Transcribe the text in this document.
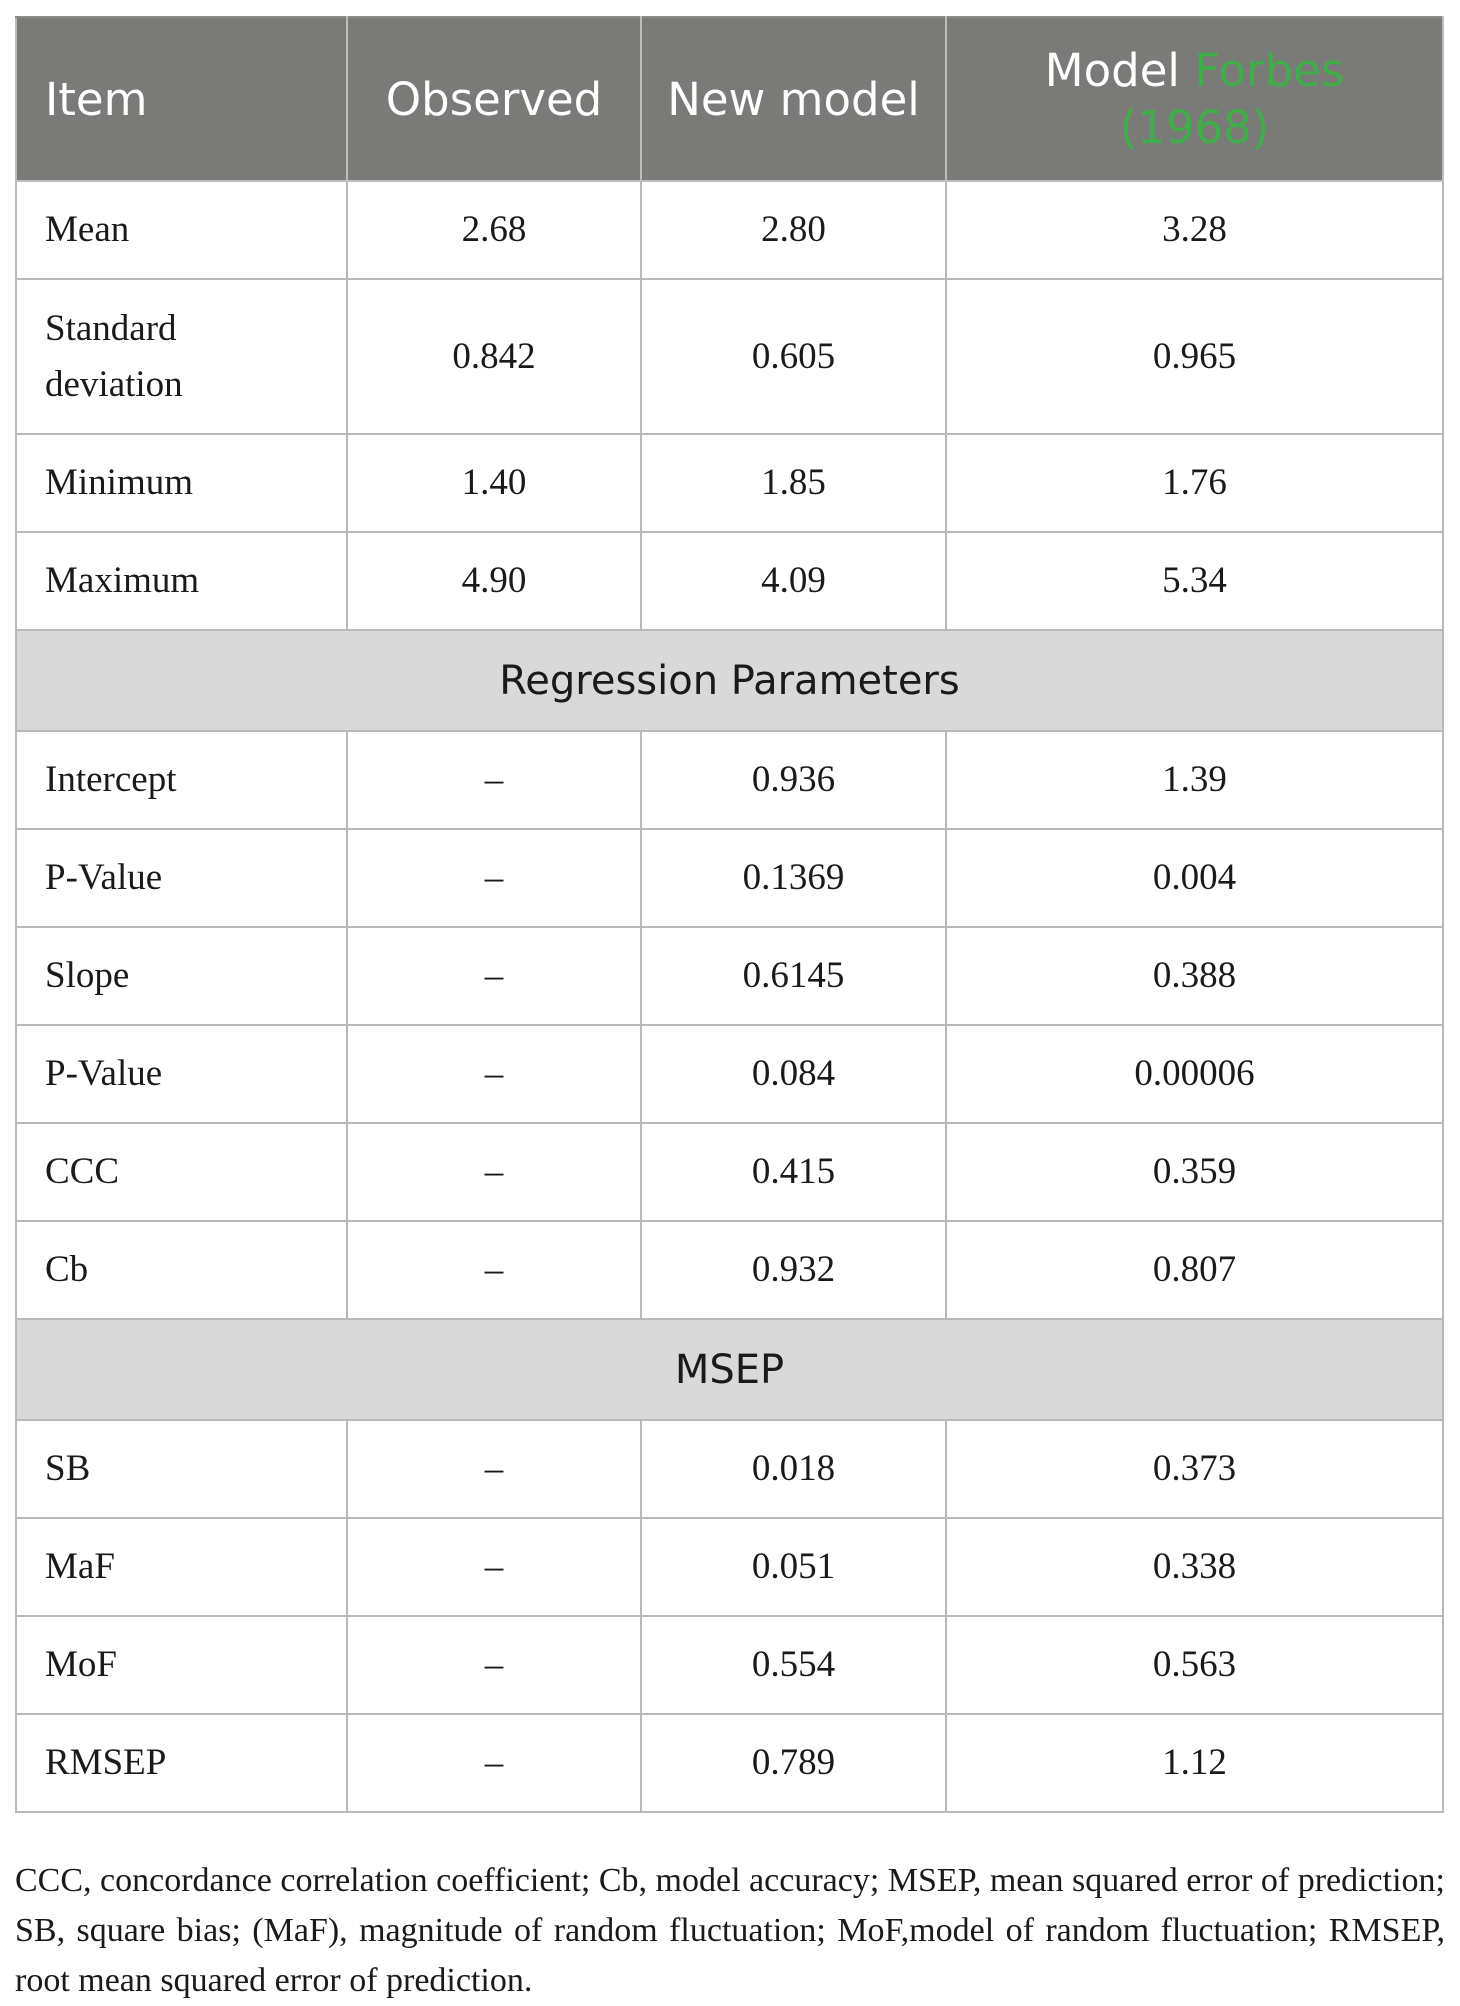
Item	Observed	New model	Model Forbes (1968)
Mean	2.68	2.80	3.28
Standard deviation	0.842	0.605	0.965
Minimum	1.40	1.85	1.76
Maximum	4.90	4.09	5.34
Regression Parameters			
Intercept	–	0.936	1.39
P-Value	–	0.1369	0.004
Slope	–	0.6145	0.388
P-Value	–	0.084	0.00006
CCC	–	0.415	0.359
Cb	–	0.932	0.807
MSEP			
SB	–	0.018	0.373
MaF	–	0.051	0.338
MoF	–	0.554	0.563
RMSEP	–	0.789	1.12

CCC, concordance correlation coefficient; Cb, model accuracy; MSEP, mean squared error of prediction; SB, square bias; (MaF), magnitude of random fluctuation; MoF,model of random fluctuation; RMSEP, root mean squared error of prediction.
